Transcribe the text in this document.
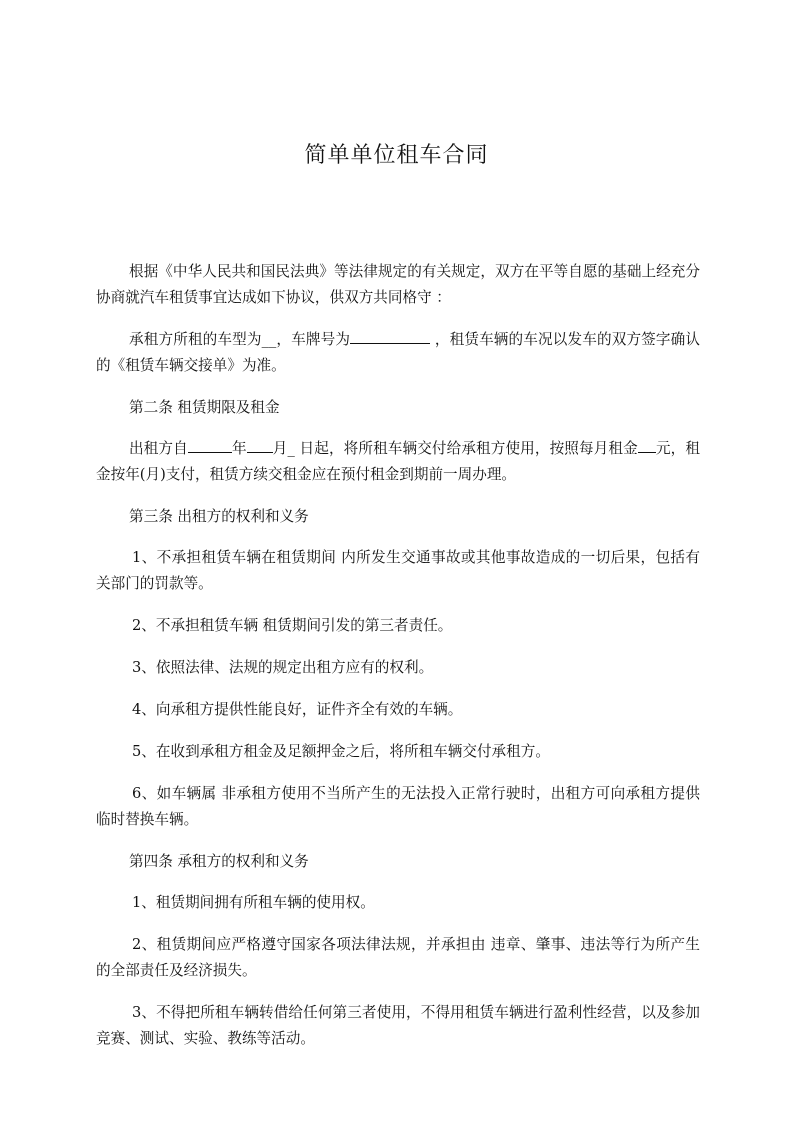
简单单位租车合同

根据《中华人民共和国民法典》等法律规定的有关规定，双方在平等自愿的基础上经充分协商就汽车租赁事宜达成如下协议，供双方共同格守 ：

承租方所租的车型为__，车牌号为	，租赁车辆的车况以发车的双方签字确认的《租赁车辆交接单》为准。

第二条 租赁期限及租金

出租方自	年 月_ 日起，将所租车辆交付给承租方使用，按照每月租金 元，租金按年(月)支付，租赁方续交租金应在预付租金到期前一周办理。

第三条 出租方的权利和义务

1、不承担租赁车辆在租赁期间 内所发生交通事故或其他事故造成的一切后果，包括有关部门的罚款等。

2、不承担租赁车辆 租赁期间引发的第三者责任。

3、依照法律、法规的规定出租方应有的权利。

4、向承租方提供性能良好，证件齐全有效的车辆。

5、在收到承租方租金及足额押金之后，将所租车辆交付承租方。

6、如车辆属 非承租方使用不当所产生的无法投入正常行驶时，出租方可向承租方提供临时替换车辆。

第四条 承租方的权利和义务

1、租赁期间拥有所租车辆的使用权。

2、租赁期间应严格遵守国家各项法律法规，并承担由 违章、肇事、违法等行为所产生的全部责任及经济损失。

3、不得把所租车辆转借给任何第三者使用，不得用租赁车辆进行盈利性经营，以及参加竞赛、测试、实验、教练等活动。
